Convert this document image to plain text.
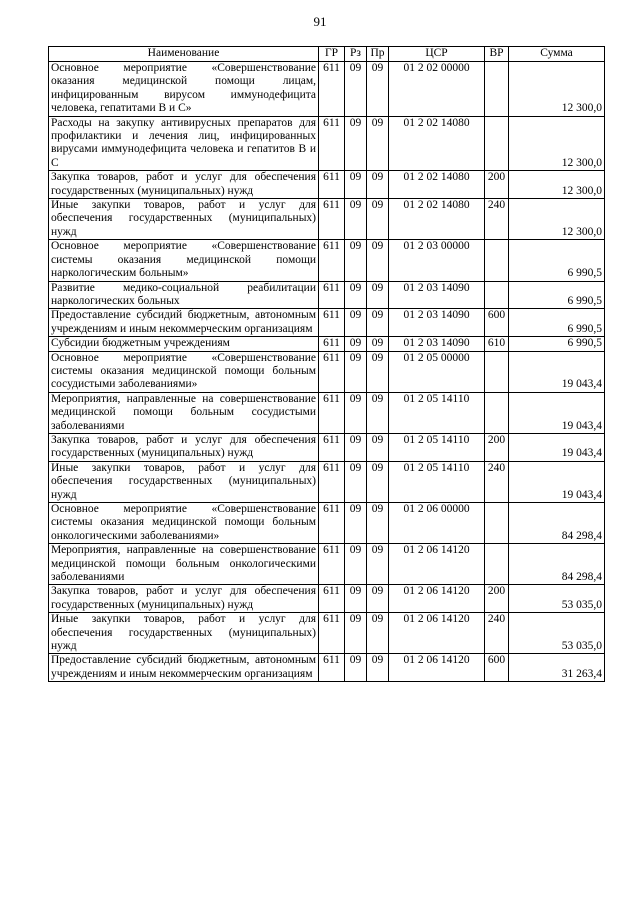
91
Наименование	ГР	Рз	Пр	ЦСР	ВР	Сумма
Основное мероприятие «Совершенствование оказания медицинской помощи лицам, инфицированным вирусом иммунодефицита человека, гепатитами В и С»	611	09	09	01 2 02 00000		12 300,0
Расходы на закупку антивирусных препаратов для профилактики и лечения лиц, инфицированных вирусами иммунодефицита человека и гепатитов В и С	611	09	09	01 2 02 14080		12 300,0
Закупка товаров, работ и услуг для обеспечения государственных (муниципальных) нужд	611	09	09	01 2 02 14080	200	12 300,0
Иные закупки товаров, работ и услуг для обеспечения государственных (муниципальных) нужд	611	09	09	01 2 02 14080	240	12 300,0
Основное мероприятие «Совершенствование системы оказания медицинской помощи наркологическим больным»	611	09	09	01 2 03 00000		6 990,5
Развитие медико-социальной реабилитации наркологических больных	611	09	09	01 2 03 14090		6 990,5
Предоставление субсидий бюджетным, автономным учреждениям и иным некоммерческим организациям	611	09	09	01 2 03 14090	600	6 990,5
Субсидии бюджетным учреждениям	611	09	09	01 2 03 14090	610	6 990,5
Основное мероприятие «Совершенствование системы оказания медицинской помощи больным сосудистыми заболеваниями»	611	09	09	01 2 05 00000		19 043,4
Мероприятия, направленные на совершенствование медицинской помощи больным сосудистыми заболеваниями	611	09	09	01 2 05 14110		19 043,4
Закупка товаров, работ и услуг для обеспечения государственных (муниципальных) нужд	611	09	09	01 2 05 14110	200	19 043,4
Иные закупки товаров, работ и услуг для обеспечения государственных (муниципальных) нужд	611	09	09	01 2 05 14110	240	19 043,4
Основное мероприятие «Совершенствование системы оказания медицинской помощи больным онкологическими заболеваниями»	611	09	09	01 2 06 00000		84 298,4
Мероприятия, направленные на совершенствование медицинской помощи больным онкологическими заболеваниями	611	09	09	01 2 06 14120		84 298,4
Закупка товаров, работ и услуг для обеспечения государственных (муниципальных) нужд	611	09	09	01 2 06 14120	200	53 035,0
Иные закупки товаров, работ и услуг для обеспечения государственных (муниципальных) нужд	611	09	09	01 2 06 14120	240	53 035,0
Предоставление субсидий бюджетным, автономным учреждениям и иным некоммерческим организациям	611	09	09	01 2 06 14120	600	31 263,4
